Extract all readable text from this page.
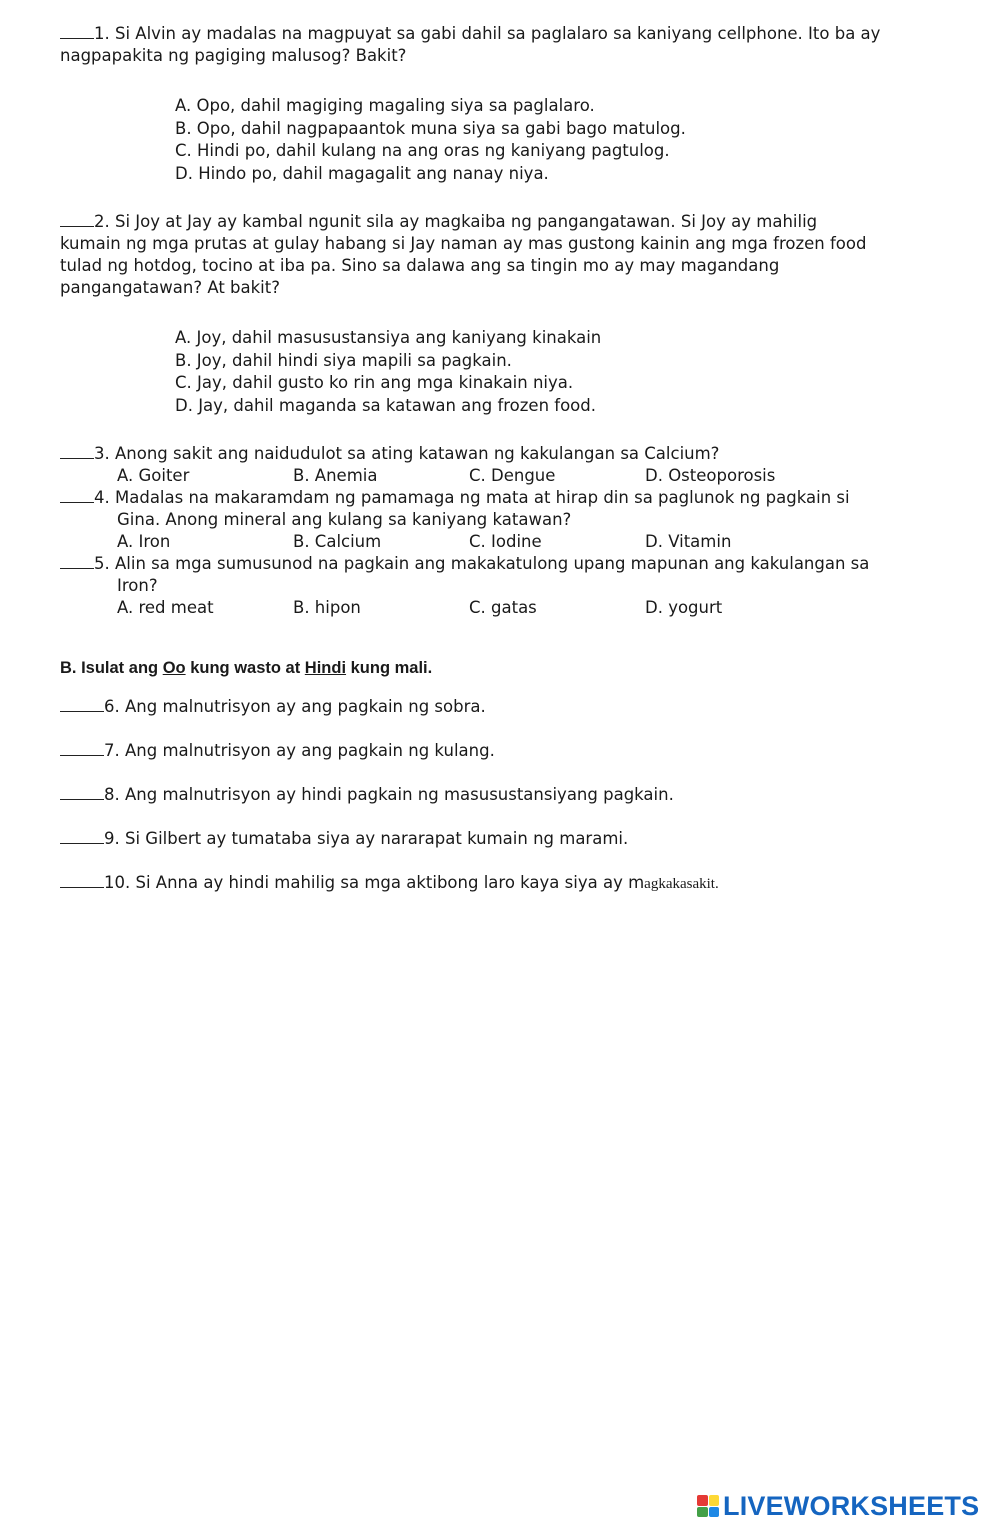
1. Si Alvin ay madalas na magpuyat sa gabi dahil sa paglalaro sa kaniyang cellphone. Ito ba ay
nagpapakita ng pagiging malusog? Bakit?

A. Opo, dahil magiging magaling siya sa paglalaro.
B. Opo, dahil nagpapaantok muna siya sa gabi bago matulog.
C. Hindi po, dahil kulang na ang oras ng kaniyang pagtulog.
D. Hindo po, dahil magagalit ang nanay niya.

2. Si Joy at Jay ay kambal ngunit sila ay magkaiba ng pangangatawan. Si Joy ay mahilig
kumain ng mga prutas at gulay habang si Jay naman ay mas gustong kainin ang mga frozen food
tulad ng hotdog, tocino at iba pa. Sino sa dalawa ang sa tingin mo ay may magandang
pangangatawan? At bakit?

A. Joy, dahil masusustansiya ang kaniyang kinakain
B. Joy, dahil hindi siya mapili sa pagkain.
C. Jay, dahil gusto ko rin ang mga kinakain niya.
D. Jay, dahil maganda sa katawan ang frozen food.

3. Anong sakit ang naidudulot sa ating katawan ng kakulangan sa Calcium?

A. Goiter	B. Anemia	C. Dengue	D. Osteoporosis

4. Madalas na makaramdam ng pamamaga ng mata at hirap din sa paglunok ng pagkain si

Gina. Anong mineral ang kulang sa kaniyang katawan?
A. Iron	B. Calcium	C. Iodine	D. Vitamin

5. Alin sa mga sumusunod na pagkain ang makakatulong upang mapunan ang kakulangan sa

Iron?
A. red meat	B. hipon	C. gatas	D. yogurt
B. Isulat ang Oo kung wasto at Hindi kung mali.
6. Ang malnutrisyon ay ang pagkain ng sobra.
7. Ang malnutrisyon ay ang pagkain ng kulang.
8. Ang malnutrisyon ay hindi pagkain ng masusustansiyang pagkain.
9. Si Gilbert ay tumataba siya ay nararapat kumain ng marami.
10. Si Anna ay hindi mahilig sa mga aktibong laro kaya siya ay magkakasakit.
LIVEWORKSHEETS
